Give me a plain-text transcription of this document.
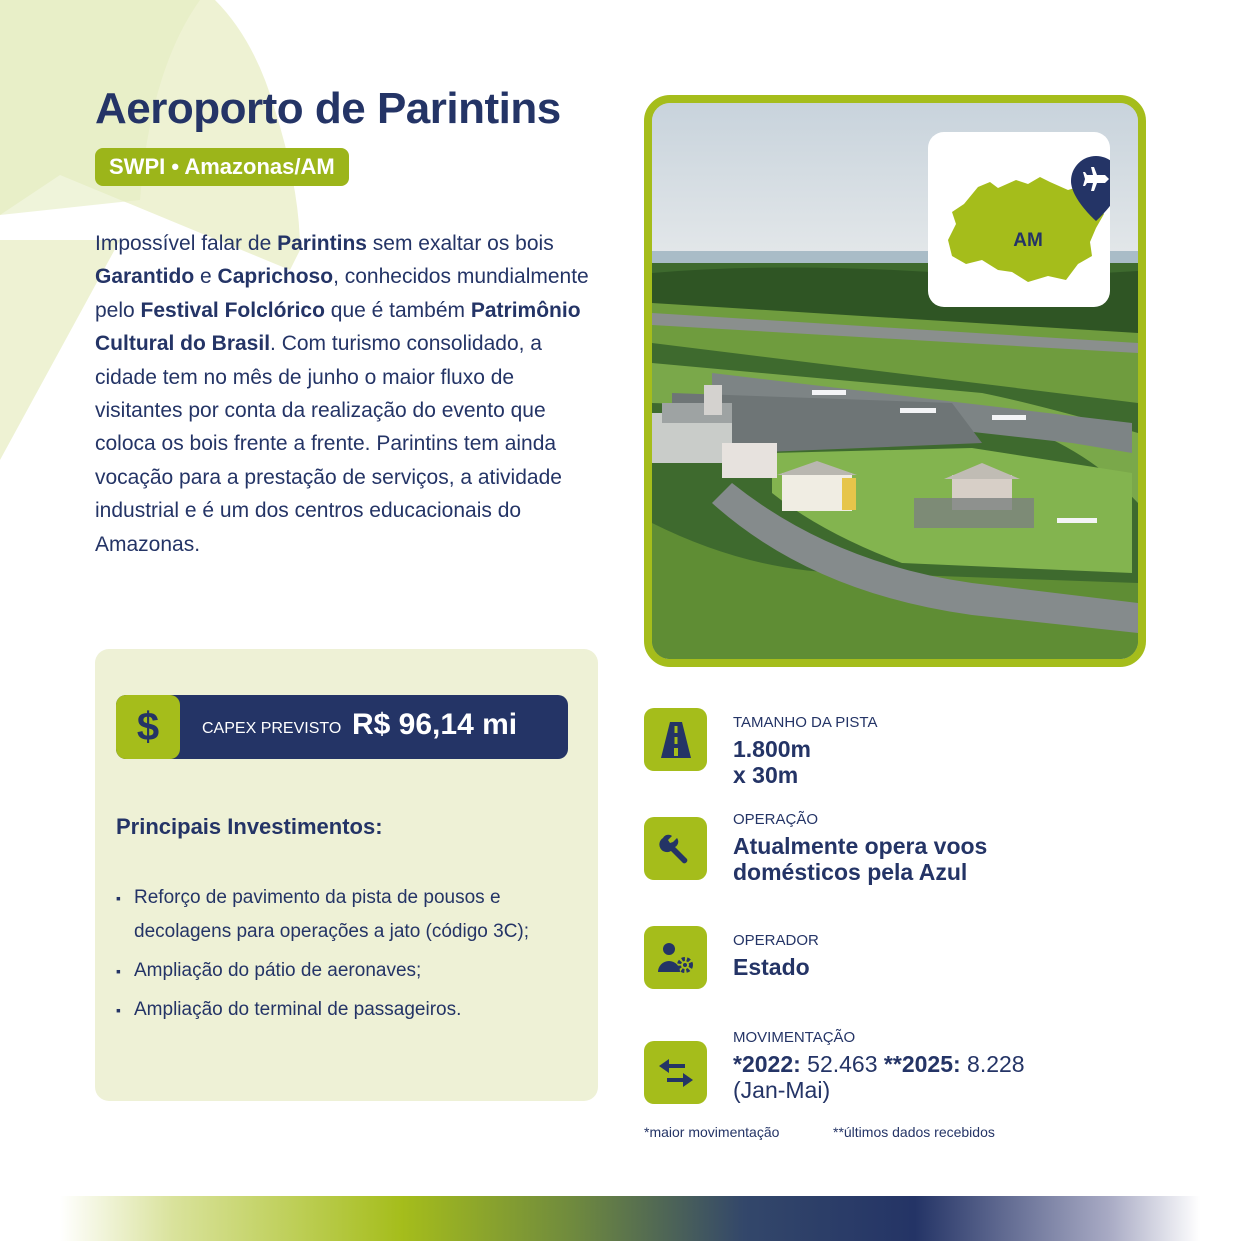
Aeroporto de Parintins
SWPI • Amazonas/AM

Impossível falar de Parintins sem exaltar os bois Garantido e Caprichoso, conhecidos mundialmente pelo Festival Folclórico que é também Patrimônio Cultural do Brasil. Com turismo consolidado, a cidade tem no mês de junho o maior fluxo de visitantes por conta da realização do evento que coloca os bois frente a frente. Parintins tem ainda vocação para a prestação de serviços, a atividade industrial e é um dos centros educacionais do Amazonas.

AM
$	CAPEX PREVISTO R$ 96,14 mi
Principais Investimentos:
▪ Reforço de pavimento da pista de pousos e decolagens para operações a jato (código 3C);
▪ Ampliação do pátio de aeronaves;
▪ Ampliação do terminal de passageiros.
TAMANHO DA PISTA
1.800m x 30m
OPERAÇÃO
Atualmente opera voos domésticos pela Azul
OPERADOR
Estado
MOVIMENTAÇÃO
*2022: 52.463 **2025: 8.228
(Jan-Mai)
*maior movimentação	**últimos dados recebidos
